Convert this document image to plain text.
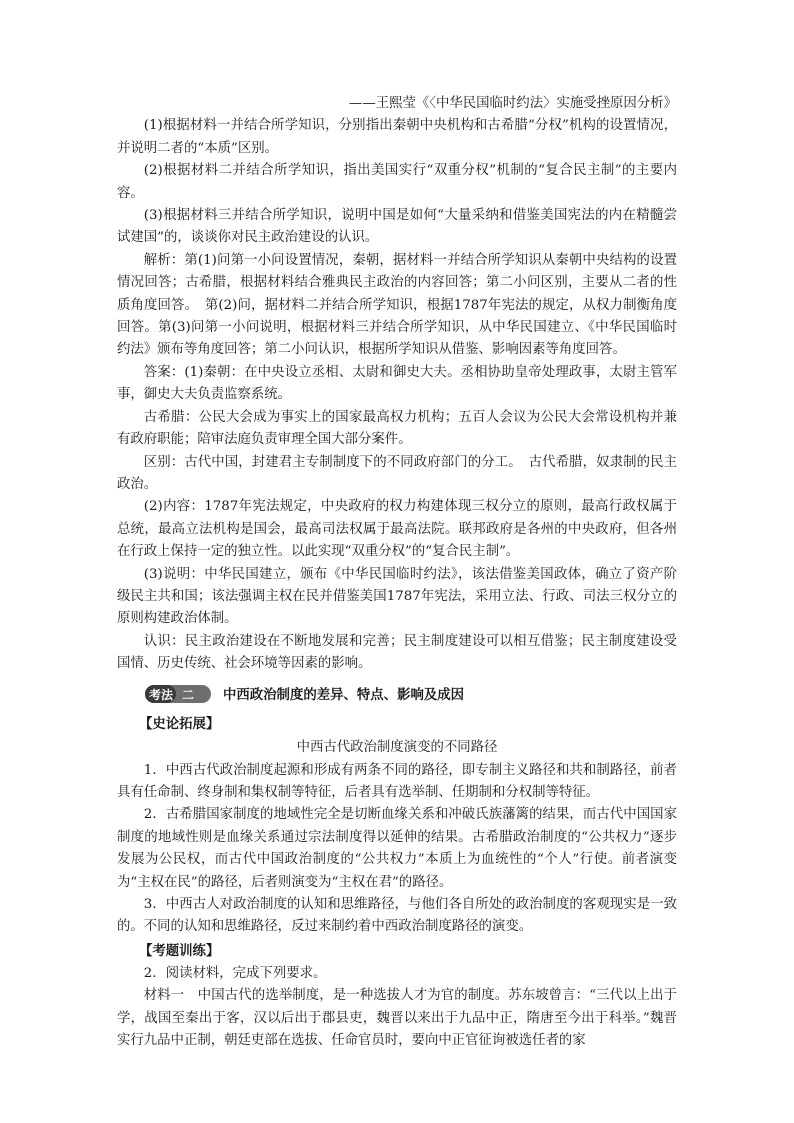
——王熙莹《〈中华民国临时约法〉实施受挫原因分析》

(1)根据材料一并结合所学知识，分别指出秦朝中央机构和古希腊“分权”机构的设置情况，并说明二者的“本质”区别。

(2)根据材料二并结合所学知识，指出美国实行“双重分权”机制的“复合民主制”的主要内容。

(3)根据材料三并结合所学知识，说明中国是如何“大量采纳和借鉴美国宪法的内在精髓尝试建国”的，谈谈你对民主政治建设的认识。

解析：第(1)问第一小问设置情况，秦朝，据材料一并结合所学知识从秦朝中央结构的设置情况回答；古希腊，根据材料结合雅典民主政治的内容回答；第二小问区别，主要从二者的性质角度回答。　第(2)问，据材料二并结合所学知识，根据1787年宪法的规定，从权力制衡角度回答。第(3)问第一小问说明，根据材料三并结合所学知识，从中华民国建立、《中华民国临时约法》颁布等角度回答；第二小问认识，根据所学知识从借鉴、影响因素等角度回答。

答案：(1)秦朝：在中央设立丞相、太尉和御史大夫。丞相协助皇帝处理政事，太尉主管军事，御史大夫负责监察系统。

古希腊：公民大会成为事实上的国家最高权力机构；五百人会议为公民大会常设机构并兼有政府职能；陪审法庭负责审理全国大部分案件。

区别：古代中国，封建君主专制制度下的不同政府部门的分工。　古代希腊，奴隶制的民主政治。

(2)内容：1787年宪法规定，中央政府的权力构建体现三权分立的原则，最高行政权属于总统，最高立法机构是国会，最高司法权属于最高法院。联邦政府是各州的中央政府，但各州在行政上保持一定的独立性。以此实现“双重分权”的“复合民主制”。

(3)说明：中华民国建立，颁布《中华民国临时约法》，该法借鉴美国政体，确立了资产阶级民主共和国；该法强调主权在民并借鉴美国1787年宪法，采用立法、行政、司法三权分立的原则构建政治体制。

认识：民主政治建设在不断地发展和完善；民主制度建设可以相互借鉴；民主制度建设受国情、历史传统、社会环境等因素的影响。

考法 二 中西政治制度的差异、特点、影响及成因
【史论拓展】
中西古代政治制度演变的不同路径

1．中西古代政治制度起源和形成有两条不同的路径，即专制主义路径和共和制路径，前者具有任命制、终身制和集权制等特征，后者具有选举制、任期制和分权制等特征。

2．古希腊国家制度的地域性完全是切断血缘关系和冲破氏族藩篱的结果，而古代中国国家制度的地域性则是血缘关系通过宗法制度得以延伸的结果。古希腊政治制度的“公共权力”逐步发展为公民权，而古代中国政治制度的“公共权力”本质上为血统性的“个人”行使。前者演变为“主权在民”的路径，后者则演变为“主权在君”的路径。

3．中西古人对政治制度的认知和思维路径，与他们各自所处的政治制度的客观现实是一致的。不同的认知和思维路径，反过来制约着中西政治制度路径的演变。

【考题训练】

2．阅读材料，完成下列要求。

材料一　中国古代的选举制度，是一种选拔人才为官的制度。苏东坡曾言：“三代以上出于学，战国至秦出于客，汉以后出于郡县吏，魏晋以来出于九品中正，隋唐至今出于科举。”魏晋实行九品中正制，朝廷吏部在选拔、任命官员时，要向中正官征询被选任者的家
